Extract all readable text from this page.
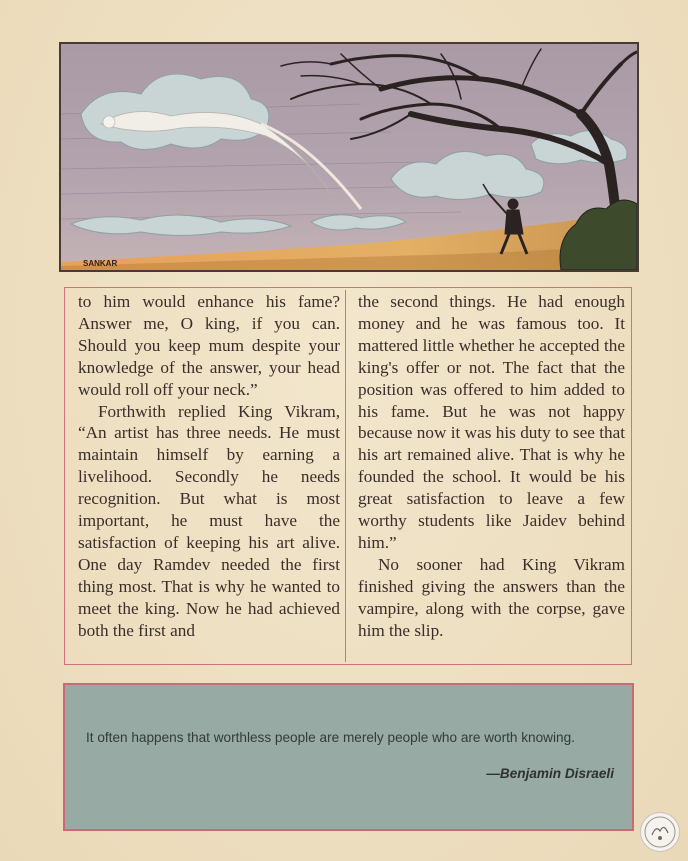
SANKAR

to him would enhance his fame? Answer me, O king, if you can. Should you keep mum despite your knowledge of the answer, your head would roll off your neck.”

Forthwith replied King Vikram, “An artist has three needs. He must maintain himself by earning a livelihood. Secondly he needs recognition. But what is most important, he must have the satisfaction of keeping his art alive. One day Ramdev needed the first thing most. That is why he wanted to meet the king. Now he had achieved both the first and

the second things. He had enough money and he was famous too. It mattered little whether he accepted the king's offer or not. The fact that the position was offered to him added to his fame. But he was not happy because now it was his duty to see that his art remained alive. That is why he founded the school. It would be his great satisfaction to leave a few worthy students like Jaidev behind him.”

No sooner had King Vikram finished giving the answers than the vampire, along with the corpse, gave him the slip.

It often happens that worthless people are merely people who are worth knowing.
—Benjamin Disraeli
